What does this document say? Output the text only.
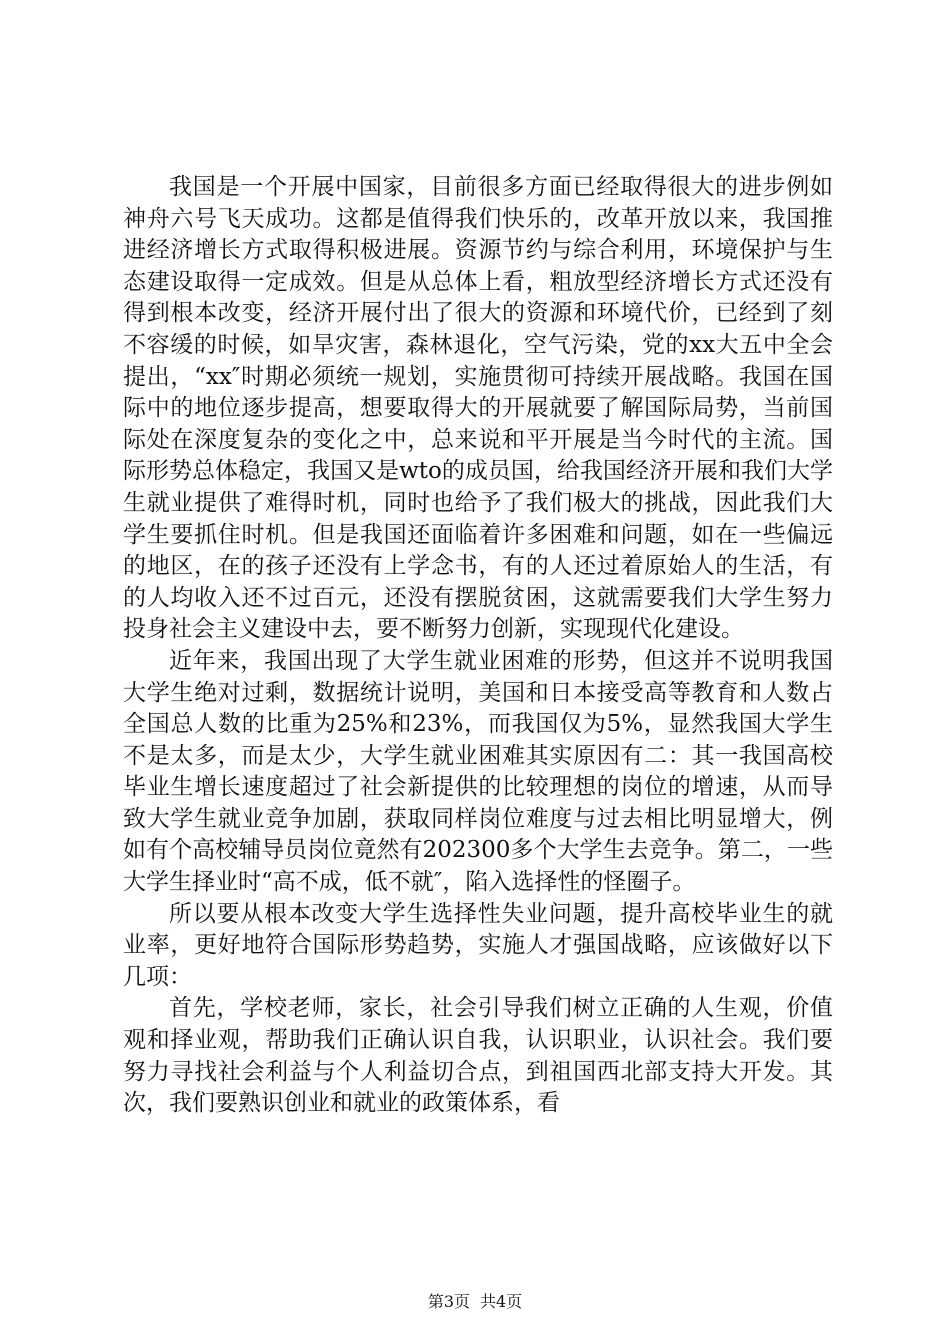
我国是一个开展中国家，目前很多方面已经取得很大的进步例如神舟六号飞天成功。这都是值得我们快乐的，改革开放以来，我国推进经济增长方式取得积极进展。资源节约与综合利用，环境保护与生态建设取得一定成效。但是从总体上看，粗放型经济增长方式还没有得到根本改变，经济开展付出了很大的资源和环境代价，已经到了刻不容缓的时候，如旱灾害，森林退化，空气污染，党的xx大五中全会提出，“xx″时期必须统一规划，实施贯彻可持续开展战略。我国在国际中的地位逐步提高，想要取得大的开展就要了解国际局势，当前国际处在深度复杂的变化之中，总来说和平开展是当今时代的主流。国际形势总体稳定，我国又是wto的成员国，给我国经济开展和我们大学生就业提供了难得时机，同时也给予了我们极大的挑战，因此我们大学生要抓住时机。但是我国还面临着许多困难和问题，如在一些偏远的地区，在的孩子还没有上学念书，有的人还过着原始人的生活，有的人均收入还不过百元，还没有摆脱贫困，这就需要我们大学生努力投身社会主义建设中去，要不断努力创新，实现现代化建设。

近年来，我国出现了大学生就业困难的形势，但这并不说明我国大学生绝对过剩，数据统计说明，美国和日本接受高等教育和人数占全国总人数的比重为25%和23%，而我国仅为5%，显然我国大学生不是太多，而是太少，大学生就业困难其实原因有二：其一我国高校毕业生增长速度超过了社会新提供的比较理想的岗位的增速，从而导致大学生就业竞争加剧，获取同样岗位难度与过去相比明显增大，例如有个高校辅导员岗位竟然有202300多个大学生去竞争。第二，一些大学生择业时“高不成，低不就″，陷入选择性的怪圈子。

所以要从根本改变大学生选择性失业问题，提升高校毕业生的就业率，更好地符合国际形势趋势，实施人才强国战略，应该做好以下几项：

首先，学校老师，家长，社会引导我们树立正确的人生观，价值观和择业观，帮助我们正确认识自我，认识职业，认识社会。我们要努力寻找社会利益与个人利益切合点，到祖国西北部支持大开发。其次，我们要熟识创业和就业的政策体系，看

第3页 共4页
